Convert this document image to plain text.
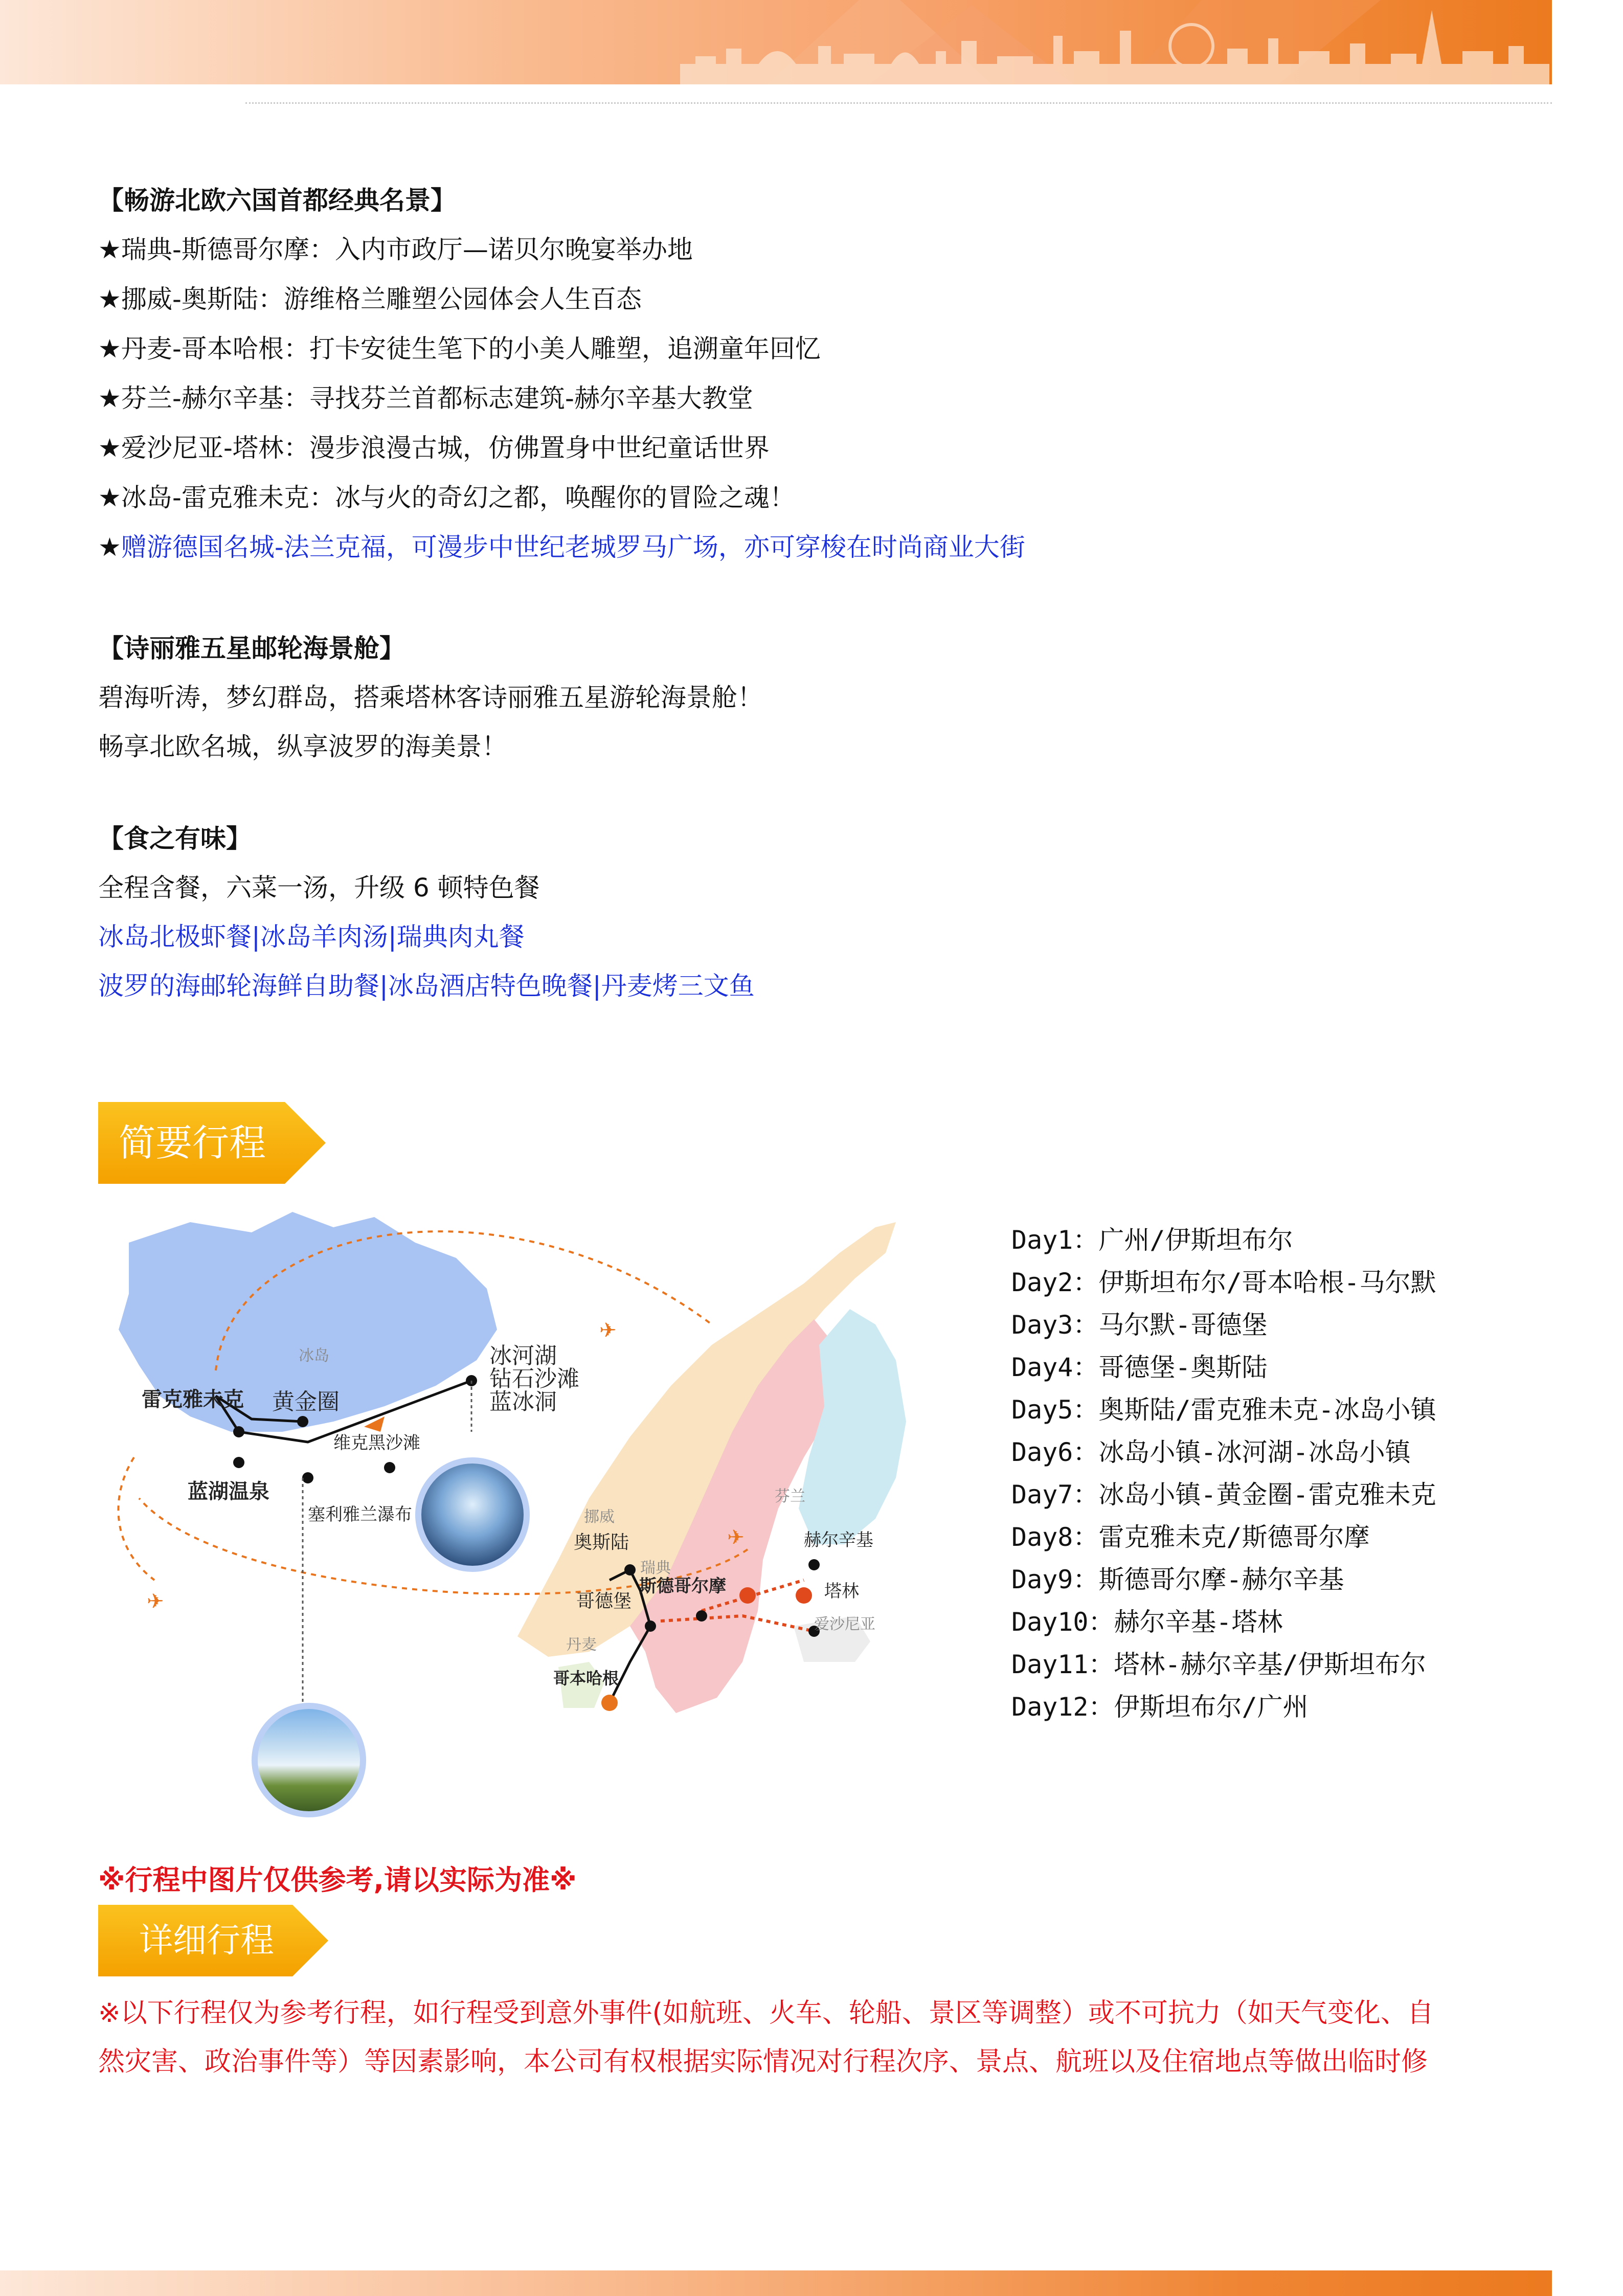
【畅游北欧六国首都经典名景】
★瑞典-斯德哥尔摩：入内市政厅—诺贝尔晚宴举办地
★挪威-奥斯陆：游维格兰雕塑公园体会人生百态
★丹麦-哥本哈根：打卡安徒生笔下的小美人雕塑，追溯童年回忆
★芬兰-赫尔辛基：寻找芬兰首都标志建筑-赫尔辛基大教堂
★爱沙尼亚-塔林：漫步浪漫古城，仿佛置身中世纪童话世界
★冰岛-雷克雅未克：冰与火的奇幻之都，唤醒你的冒险之魂！
★赠游德国名城-法兰克福，可漫步中世纪老城罗马广场，亦可穿梭在时尚商业大街
【诗丽雅五星邮轮海景舱】
碧海听涛，梦幻群岛，搭乘塔林客诗丽雅五星游轮海景舱！
畅享北欧名城，纵享波罗的海美景！
【食之有味】
全程含餐，六菜一汤，升级 6 顿特色餐
冰岛北极虾餐|冰岛羊肉汤|瑞典肉丸餐
波罗的海邮轮海鲜自助餐|冰岛酒店特色晚餐|丹麦烤三文鱼
简要行程
✈
✈
✈
冰岛
雷克雅未克 黄金圈
冰河湖
钻石沙滩
蓝冰洞
维克黑沙滩
蓝湖温泉
塞利雅兰瀑布	挪威
奥斯陆
瑞典
哥德堡
斯德哥尔摩
丹麦
哥本哈根
芬兰
赫尔辛基
塔林
爱沙尼亚
Day1：广州/伊斯坦布尔
Day2：伊斯坦布尔/哥本哈根-马尔默
Day3：马尔默-哥德堡
Day4：哥德堡-奥斯陆
Day5：奥斯陆/雷克雅未克-冰岛小镇
Day6：冰岛小镇-冰河湖-冰岛小镇
Day7：冰岛小镇-黄金圈-雷克雅未克
Day8：雷克雅未克/斯德哥尔摩
Day9：斯德哥尔摩-赫尔辛基
Day10：赫尔辛基-塔林
Day11：塔林-赫尔辛基/伊斯坦布尔
Day12：伊斯坦布尔/广州
※行程中图片仅供参考,请以实际为准※
详细行程
※以下行程仅为参考行程，如行程受到意外事件(如航班、火车、轮船、景区等调整）或不可抗力（如天气变化、自
然灾害、政治事件等）等因素影响，本公司有权根据实际情况对行程次序、景点、航班以及住宿地点等做出临时修
